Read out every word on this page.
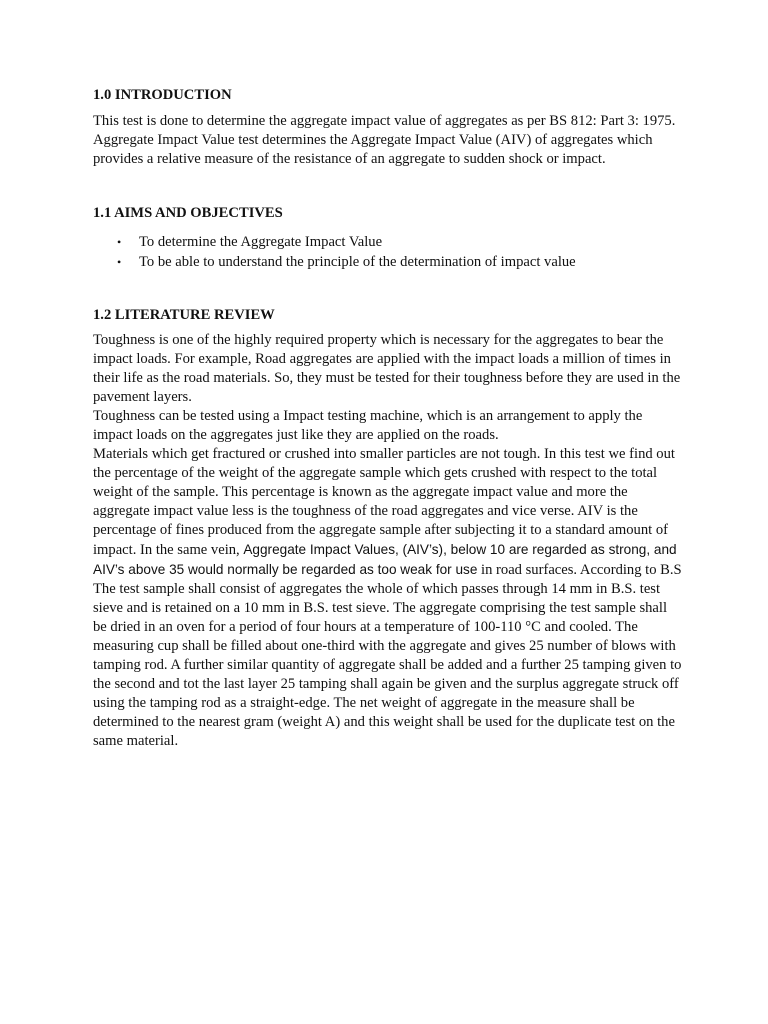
1.0 INTRODUCTION

This test is done to determine the aggregate impact value of aggregates as per BS 812: Part 3: 1975. Aggregate Impact Value test determines the Aggregate Impact Value (AIV) of aggregates which provides a relative measure of the resistance of an aggregate to sudden shock or impact.

1.1 AIMS AND OBJECTIVES
• To determine the Aggregate Impact Value
• To be able to understand the principle of the determination of impact value
1.2 LITERATURE REVIEW

Toughness is one of the highly required property which is necessary for the aggregates to bear the impact loads. For example, Road aggregates are applied with the impact loads a million of times in their life as the road materials. So, they must be tested for their toughness before they are used in the pavement layers.

Toughness can be tested using a Impact testing machine, which is an arrangement to apply the impact loads on the aggregates just like they are applied on the roads.

Materials which get fractured or crushed into smaller particles are not tough. In this test we find out the percentage of the weight of the aggregate sample which gets crushed with respect to the total weight of the sample. This percentage is known as the aggregate impact value and more the aggregate impact value less is the toughness of the road aggregates and vice verse. AIV is the percentage of fines produced from the aggregate sample after subjecting it to a standard amount of impact. In the same vein, Aggregate Impact Values, (AIV’s), below 10 are regarded as strong, and AIV’s above 35 would normally be regarded as too weak for use in road surfaces. According to B.S The test sample shall consist of aggregates the whole of which passes through 14 mm in B.S. test sieve and is retained on a 10 mm in B.S. test sieve. The aggregate comprising the test sample shall be dried in an oven for a period of four hours at a temperature of 100-110 °C and cooled. The measuring cup shall be filled about one-third with the aggregate and gives 25 number of blows with tamping rod. A further similar quantity of aggregate shall be added and a further 25 tamping given to the second and tot the last layer 25 tamping shall again be given and the surplus aggregate struck off using the tamping rod as a straight-edge. The net weight of aggregate in the measure shall be determined to the nearest gram (weight A) and this weight shall be used for the duplicate test on the same material.
